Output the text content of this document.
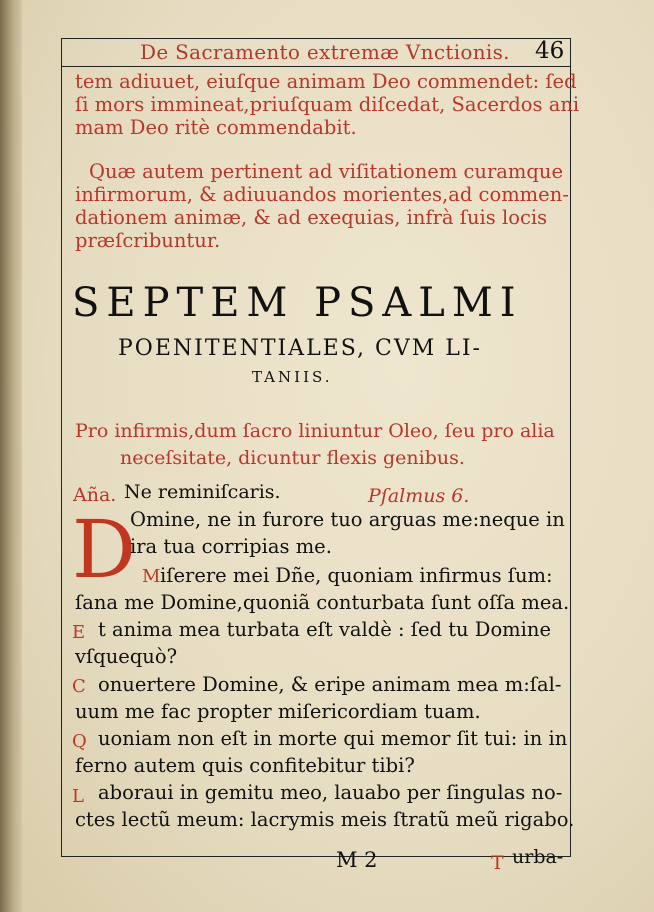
De Sacramento extremæ Vnctionis. 46
tem adiuuet, eiuſque animam Deo commendet: ſed
ſi mors immineat,priuſquam diſcedat, Sacerdos ani
mam Deo ritè commendabit.
Quæ autem pertinent ad viſitationem curamque
infirmorum, & adiuuandos morientes,ad commen-
dationem animæ, & ad exequias, infrà ſuis locis
præſcribuntur.
SEPTEM PSALMI
POENITENTIALES, CVM LI-
TANIIS.
Pro infirmis,dum ſacro liniuntur Oleo, ſeu pro alia
neceſsitate, dicuntur flexis genibus.
Aña. Ne reminiſcaris.	Pſalmus 6.
D
Omine, ne in furore tuo arguas me:neque in
ira tua corripias me.
M iſerere mei Dñe, quoniam infirmus ſum:
ſana me Domine,quoniã conturbata ſunt oſſa mea.
E t anima mea turbata eſt valdè : ſed tu Domine
vſquequò?
C onuertere Domine, & eripe animam mea m:ſal-
uum me fac propter miſericordiam tuam.
Q uoniam non eſt in morte qui memor ſit tui: in in
ferno autem quis confitebitur tibi?
L aboraui in gemitu meo, lauabo per ſingulas no-
ctes lectũ meum: lacrymis meis ſtratũ meũ rigabo.
M 2	T urba-
